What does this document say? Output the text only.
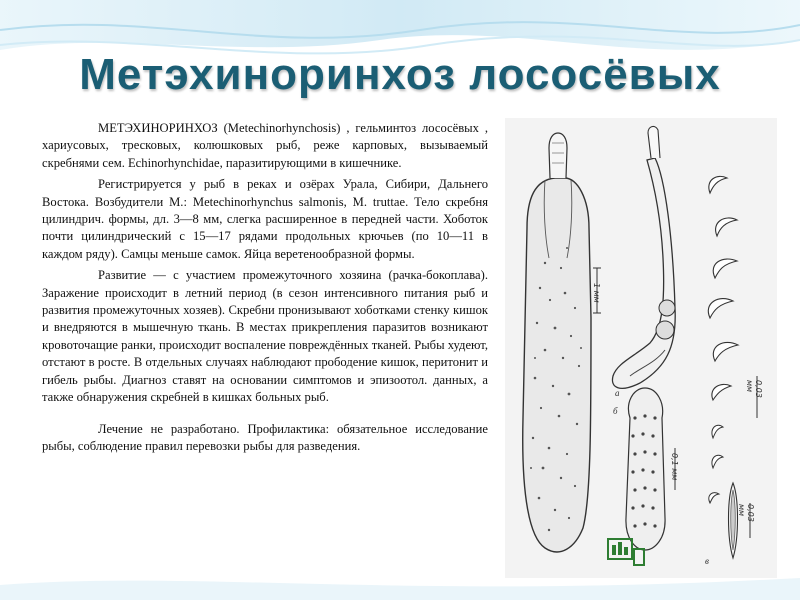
Метэхиноринхоз лососёвых

МЕТЭХИНОРИНХОЗ (Metechinorhynchosis) , гельминтоз лососёвых , хариусовых, тресковых, колюшковых рыб, реже карповых, вызываемый скребнями сем. Echinorhynchidae, паразитирующими в кишечнике.

Регистрируется у рыб в реках и озёрах Урала, Сибири, Дальнего Востока. Возбудители M.: Metechinorhynchus salmonis, M. truttae. Тело скребня цилиндрич. формы, дл. 3—8 мм, слегка расширенное в передней части. Хоботок почти цилиндрический с 15—17 рядами продольных крючьев (по 10—11 в каждом ряду). Самцы меньше самок. Яйца веретенообразной формы.

Развитие — с участием промежуточного хозяина (рачка-бокоплава). Заражение происходит в летний период (в сезон интенсивного питания рыб и развития промежуточных хозяев). Скребни пронизывают хоботками стенку кишок и внедряются в мышечную ткань. В местах прикрепления паразитов возникают кровоточащие ранки, происходит воспаление повреждённых тканей. Рыбы худеют, отстают в росте. В отдельных случаях наблюдают прободение кишок, перитонит и гибель рыбы. Диагноз ставят на основании симптомов и эпизоотол. данных, а также обнаружения скребней в кишках больных рыб.

Лечение не разработано. Профилактика: обязательное исследование рыбы, соблюдение правил перевозки рыбы для разведения.

1 мм
0,1 мм
0,03 мм
0,03 мм
а
б
в
